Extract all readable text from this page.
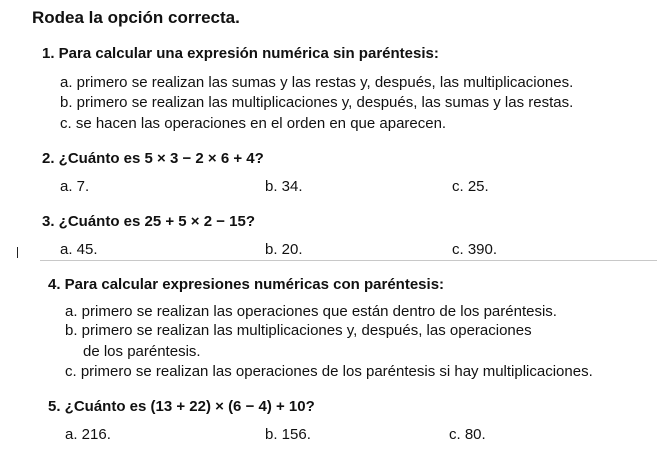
Rodea la opción correcta.
1. Para calcular una expresión numérica sin paréntesis:
a. primero se realizan las sumas y las restas y, después, las multiplicaciones.
b. primero se realizan las multiplicaciones y, después, las sumas y las restas.
c. se hacen las operaciones en el orden en que aparecen.
2. ¿Cuánto es 5 × 3 − 2 × 6 + 4?
a. 7.	b. 34.	c. 25.
3. ¿Cuánto es 25 + 5 × 2 − 15?
a. 45.	b. 20.	c. 390.
4. Para calcular expresiones numéricas con paréntesis:
a. primero se realizan las operaciones que están dentro de los paréntesis.
b. primero se realizan las multiplicaciones y, después, las operaciones
de los paréntesis.
c. primero se realizan las operaciones de los paréntesis si hay multiplicaciones.
5. ¿Cuánto es (13 + 22) × (6 − 4) + 10?
a. 216.	b. 156.	c. 80.
